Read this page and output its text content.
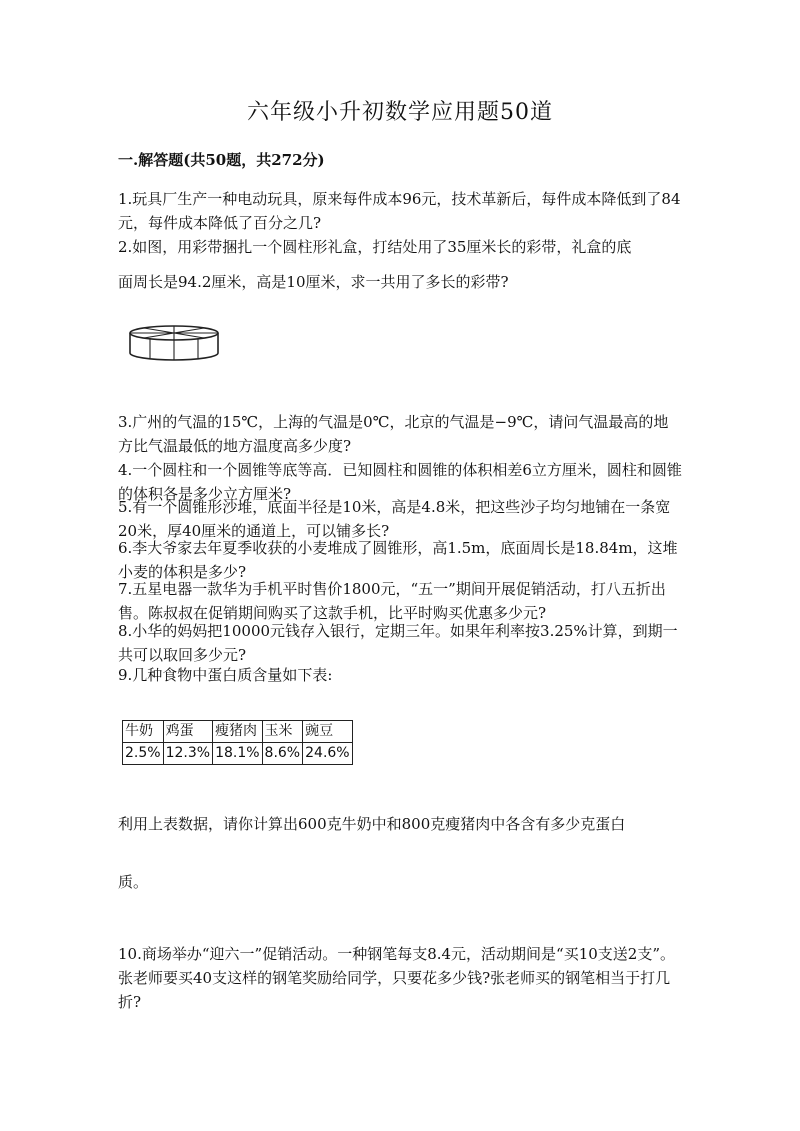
六年级小升初数学应用题50道
一.解答题(共50题，共272分)

1.玩具厂生产一种电动玩具，原来每件成本96元，技术革新后，每件成本降低到了84元，每件成本降低了百分之几?

2.如图，用彩带捆扎一个圆柱形礼盒，打结处用了35厘米长的彩带，礼盒的底

面周长是94.2厘米，高是10厘米，求一共用了多长的彩带?

3.广州的气温的15℃，上海的气温是0℃，北京的气温是−9℃，请问气温最高的地方比气温最低的地方温度高多少度?

4.一个圆柱和一个圆锥等底等高．已知圆柱和圆锥的体积相差6立方厘米，圆柱和圆锥的体积各是多少立方厘米?

5.有一个圆锥形沙堆，底面半径是10米，高是4.8米，把这些沙子均匀地铺在一条宽20米，厚40厘米的通道上，可以铺多长?

6.李大爷家去年夏季收获的小麦堆成了圆锥形，高1.5m，底面周长是18.84m，这堆小麦的体积是多少?

7.五星电器一款华为手机平时售价1800元，“五一”期间开展促销活动，打八五折出售。陈叔叔在促销期间购买了这款手机，比平时购买优惠多少元?

8.小华的妈妈把10000元钱存入银行，定期三年。如果年利率按3.25%计算，到期一共可以取回多少元?

9.几种食物中蛋白质含量如下表:

牛奶	鸡蛋	瘦猪肉	玉米	豌豆
2.5%	12.3%	18.1%	8.6%	24.6%

利用上表数据，请你计算出600克牛奶中和800克瘦猪肉中各含有多少克蛋白

质。

10.商场举办“迎六一”促销活动。一种钢笔每支8.4元，活动期间是“买10支送2支”。张老师要买40支这样的钢笔奖励给同学，只要花多少钱?张老师买的钢笔相当于打几折?
